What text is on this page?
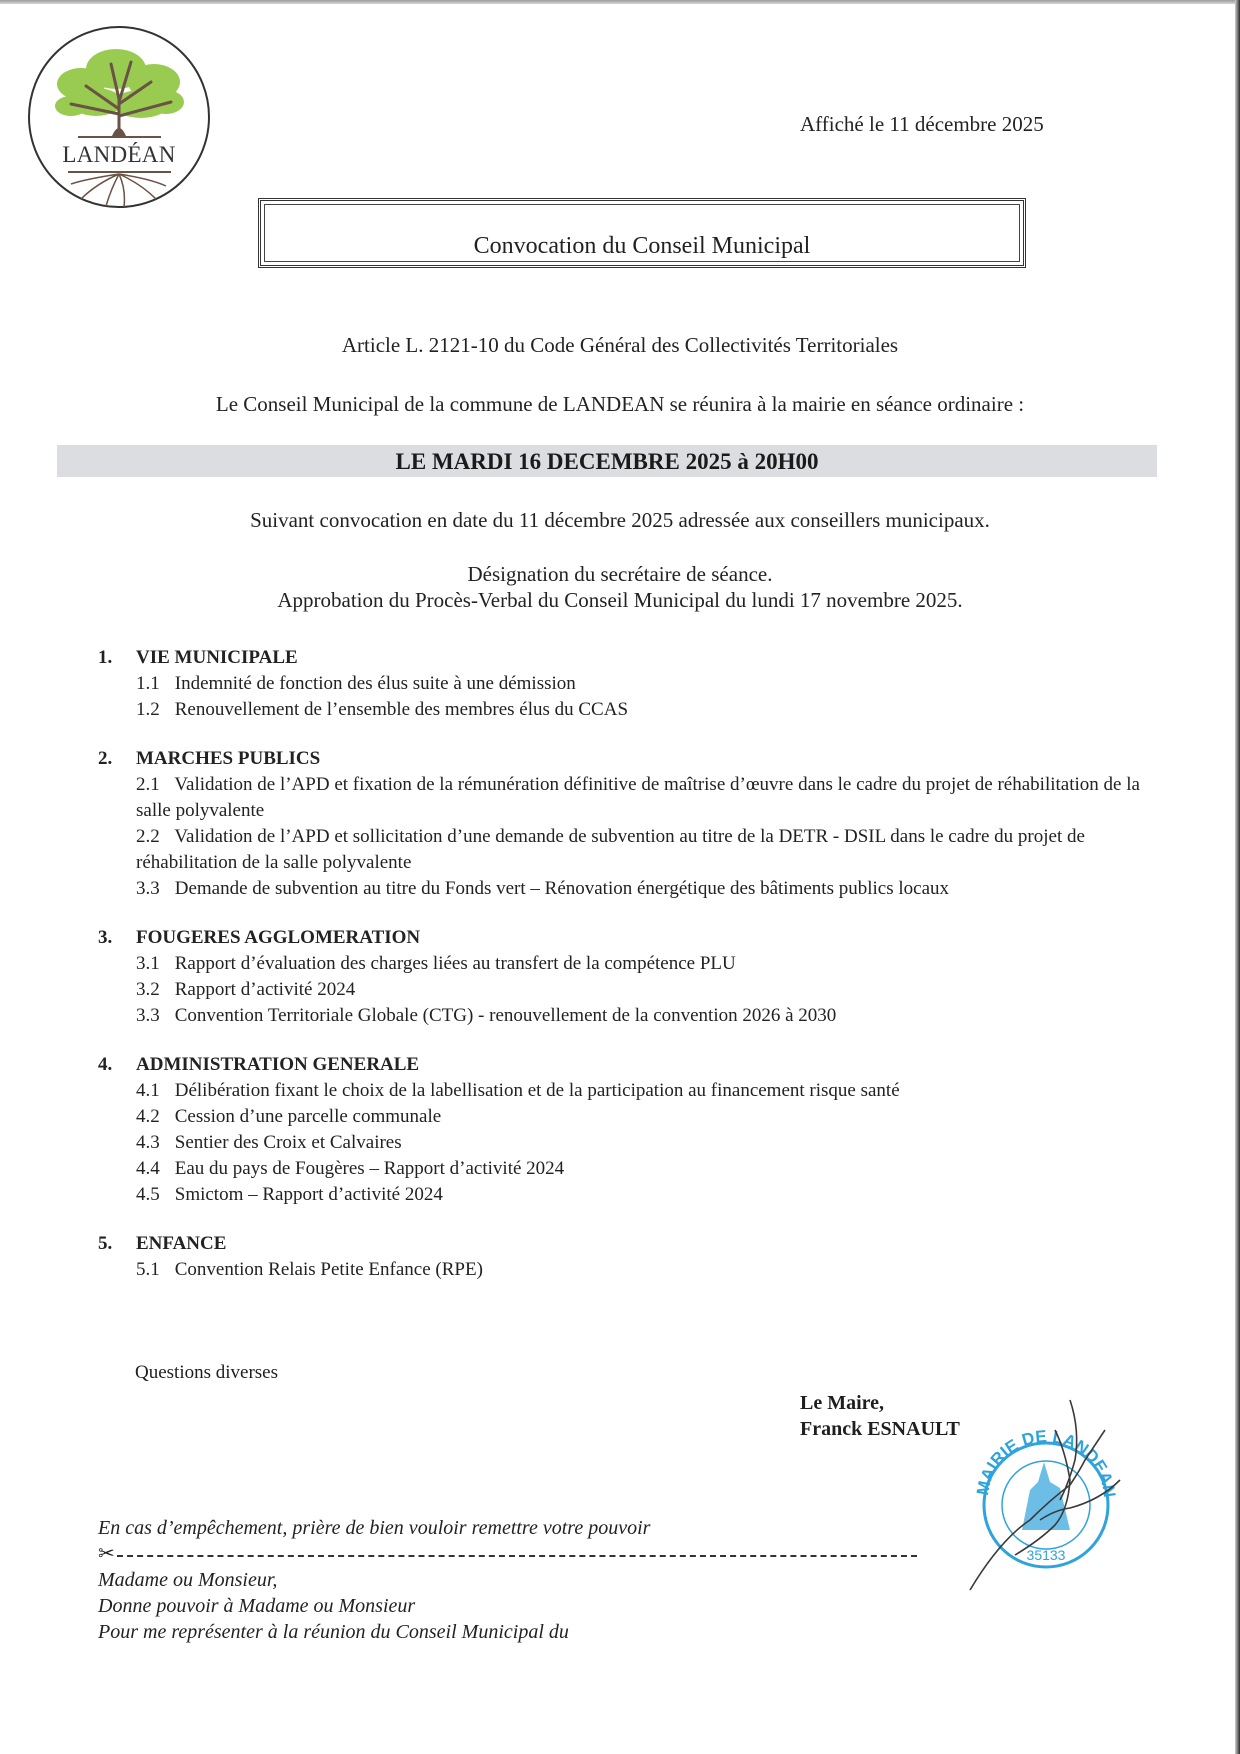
LANDÉAN
Affiché le 11 décembre 2025
Convocation du Conseil Municipal
Article L. 2121-10 du Code Général des Collectivités Territoriales
Le Conseil Municipal de la commune de LANDEAN se réunira à la mairie en séance ordinaire :
LE MARDI 16 DECEMBRE 2025 à 20H00
Suivant convocation en date du 11 décembre 2025 adressée aux conseillers municipaux.
Désignation du secrétaire de séance.
Approbation du Procès-Verbal du Conseil Municipal du lundi 17 novembre 2025.
1.	VIE MUNICIPALE
1.1 Indemnité de fonction des élus suite à une démission
1.2 Renouvellement de l’ensemble des membres élus du CCAS
2.	MARCHES PUBLICS
2.1 Validation de l’APD et fixation de la rémunération définitive de maîtrise d’œuvre dans le cadre du projet de réhabilitation de la salle polyvalente
2.2 Validation de l’APD et sollicitation d’une demande de subvention au titre de la DETR - DSIL dans le cadre du projet de réhabilitation de la salle polyvalente
3.3 Demande de subvention au titre du Fonds vert – Rénovation énergétique des bâtiments publics locaux
3.	FOUGERES AGGLOMERATION
3.1 Rapport d’évaluation des charges liées au transfert de la compétence PLU
3.2 Rapport d’activité 2024
3.3 Convention Territoriale Globale (CTG) - renouvellement de la convention 2026 à 2030
4.	ADMINISTRATION GENERALE
4.1 Délibération fixant le choix de la labellisation et de la participation au financement risque santé
4.2 Cession d’une parcelle communale
4.3 Sentier des Croix et Calvaires
4.4 Eau du pays de Fougères – Rapport d’activité 2024
4.5 Smictom – Rapport d’activité 2024
5.	ENFANCE
5.1 Convention Relais Petite Enfance (RPE)
Questions diverses
Le Maire,
Franck ESNAULT
MAIRIE DE LANDEAN
35133
En cas d’empêchement, prière de bien vouloir remettre votre pouvoir
✂
Madame ou Monsieur,
Donne pouvoir à Madame ou Monsieur
Pour me représenter à la réunion du Conseil Municipal du
